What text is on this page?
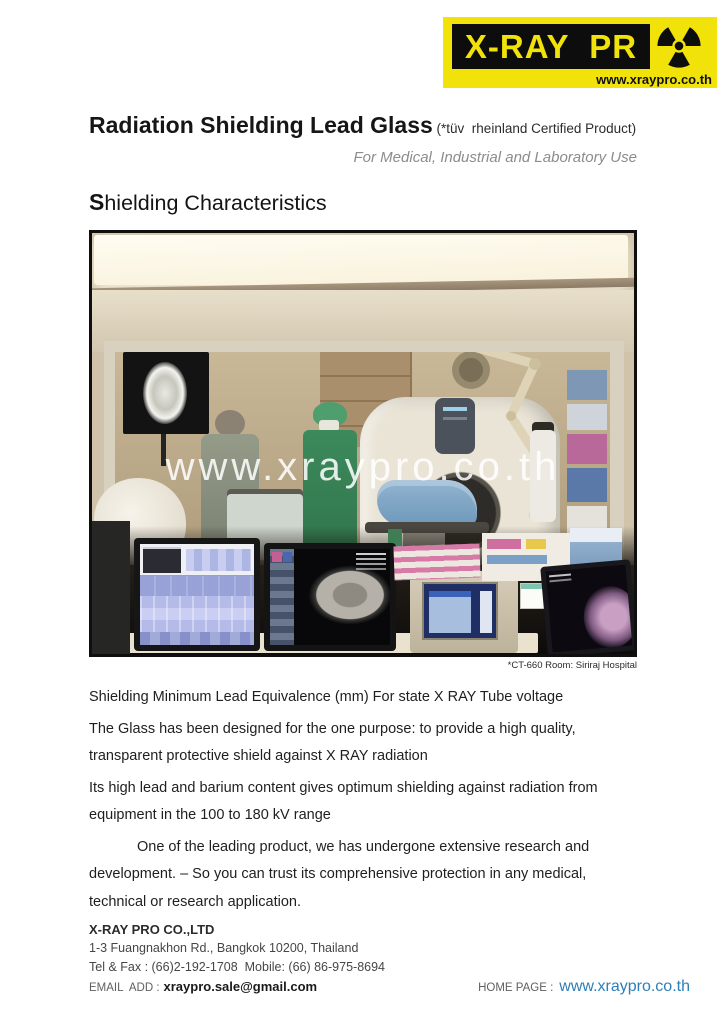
X-RAY  PR
www.xraypro.co.th
Radiation Shielding Lead Glass (*tüv  rheinland Certified Product)
For Medical, Industrial and Laboratory Use
Shielding Characteristics
www.xraypro.co.th
*CT-660 Room: Siriraj Hospital

Shielding Minimum Lead Equivalence (mm) For state X RAY Tube voltage

The Glass has been designed for the one purpose: to provide a high quality, transparent protective shield against X RAY radiation

Its high lead and barium content gives optimum shielding against radiation from equipment in the 100 to 180 kV range

One of the leading product, we has undergone extensive research and development. – So you can trust its comprehensive protection in any medical, technical or research application.

X-RAY PRO CO.,LTD
1-3 Fuangnakhon Rd., Bangkok 10200, Thailand
Tel & Fax : (66)2-192-1708  Mobile: (66) 86-975-8694
EMAIL  ADD : xraypro.sale@gmail.com	HOME PAGE : www.xraypro.co.th
